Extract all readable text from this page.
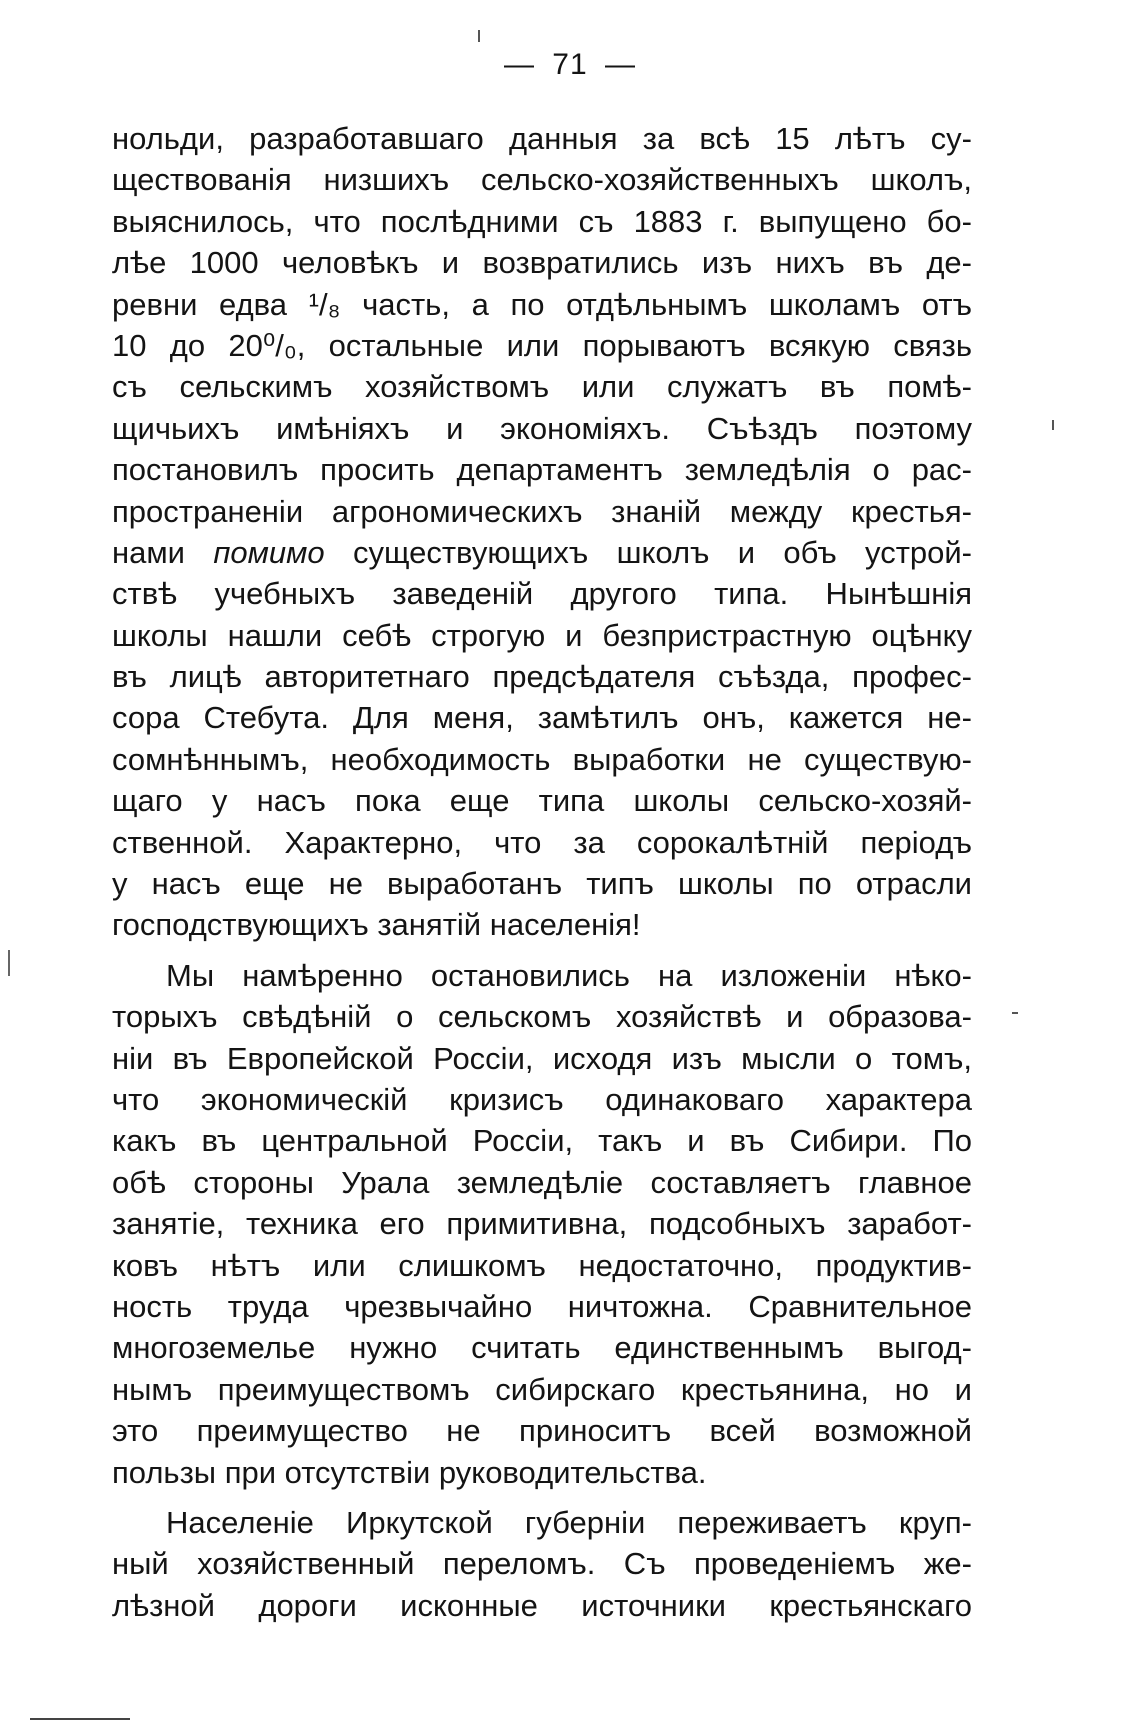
— 71 —
нольди, разработавшаго данныя за всѣ 15 лѣтъ су-
ществованія низшихъ сельско-хозяйственныхъ школъ,
выяснилось, что послѣдними съ 1883 г. выпущено бо-
лѣе 1000 человѣкъ и возвратились изъ нихъ въ де-
ревни едва ¹/₈ часть, а по отдѣльнымъ школамъ отъ
10 до 20⁰/₀, остальные или порываютъ всякую связь
съ сельскимъ хозяйствомъ или служатъ въ помѣ-
щичьихъ имѣніяхъ и экономіяхъ. Съѣздъ поэтому
постановилъ просить департаментъ земледѣлія о рас-
пространеніи агрономическихъ знаній между крестья-
нами помимо существующихъ школъ и объ устрой-
ствѣ учебныхъ заведеній другого типа. Нынѣшнія
школы нашли себѣ строгую и безпристрастную оцѣнку
въ лицѣ авторитетнаго предсѣдателя съѣзда, профес-
сора Стебута. Для меня, замѣтилъ онъ, кажется не-
сомнѣннымъ, необходимость выработки не существую-
щаго у насъ пока еще типа школы сельско-хозяй-
ственной. Характерно, что за сорокалѣтній періодъ
у насъ еще не выработанъ типъ школы по отрасли
господствующихъ занятій населенія!
Мы намѣренно остановились на изложеніи нѣко-
торыхъ свѣдѣній о сельскомъ хозяйствѣ и образова-
ніи въ Европейской Россіи, исходя изъ мысли о томъ,
что экономическій кризисъ одинаковаго характера
какъ въ центральной Россіи, такъ и въ Сибири. По
обѣ стороны Урала земледѣліе составляетъ главное
занятіе, техника его примитивна, подсобныхъ заработ-
ковъ нѣтъ или слишкомъ недостаточно, продуктив-
ность труда чрезвычайно ничтожна. Сравнительное
многоземелье нужно считать единственнымъ выгод-
нымъ преимуществомъ сибирскаго крестьянина, но и
это преимущество не приноситъ всей возможной
пользы при отсутствіи руководительства.
Населеніе Иркутской губерніи переживаетъ круп-
ный хозяйственный переломъ. Съ проведеніемъ же-
лѣзной дороги исконные источники крестьянскаго
